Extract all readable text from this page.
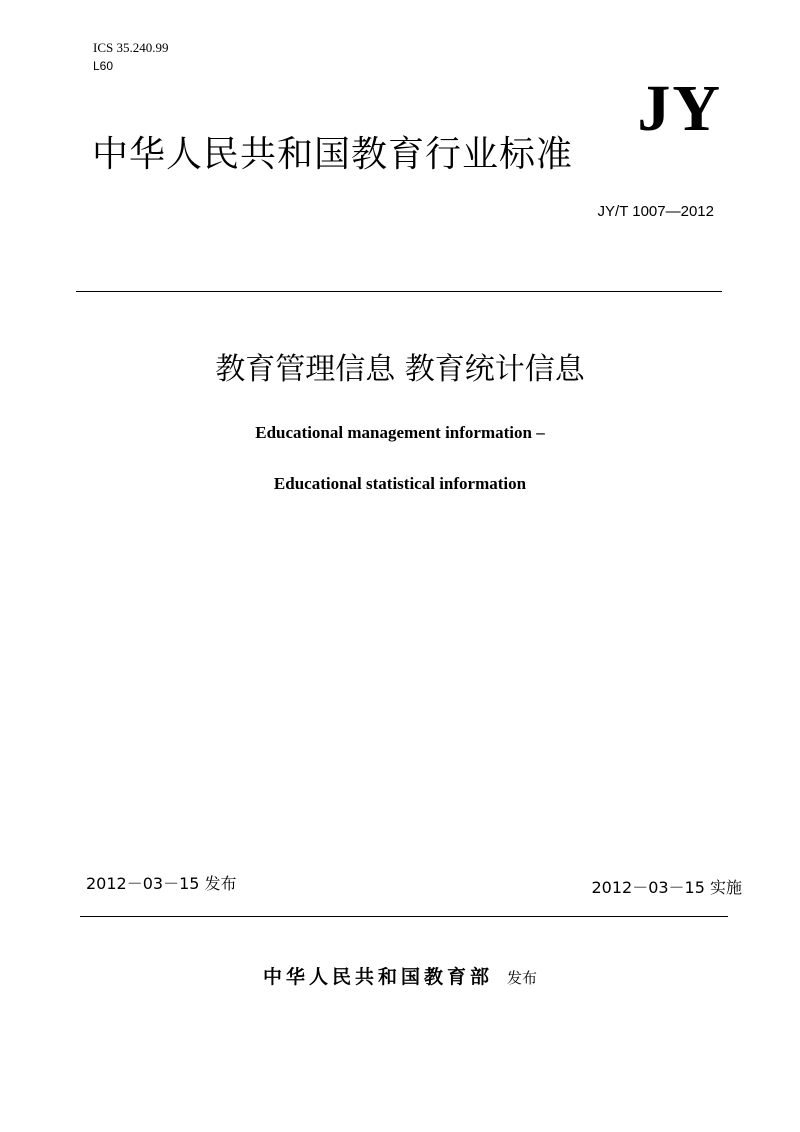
ICS 35.240.99

L60

JY
中华人民共和国教育行业标准

JY/T 1007—2012

教育管理信息 教育统计信息

Educational management information –

Educational statistical information

2012－03－15 发布	2012－03－15 实施

中华人民共和国教育部 发布
